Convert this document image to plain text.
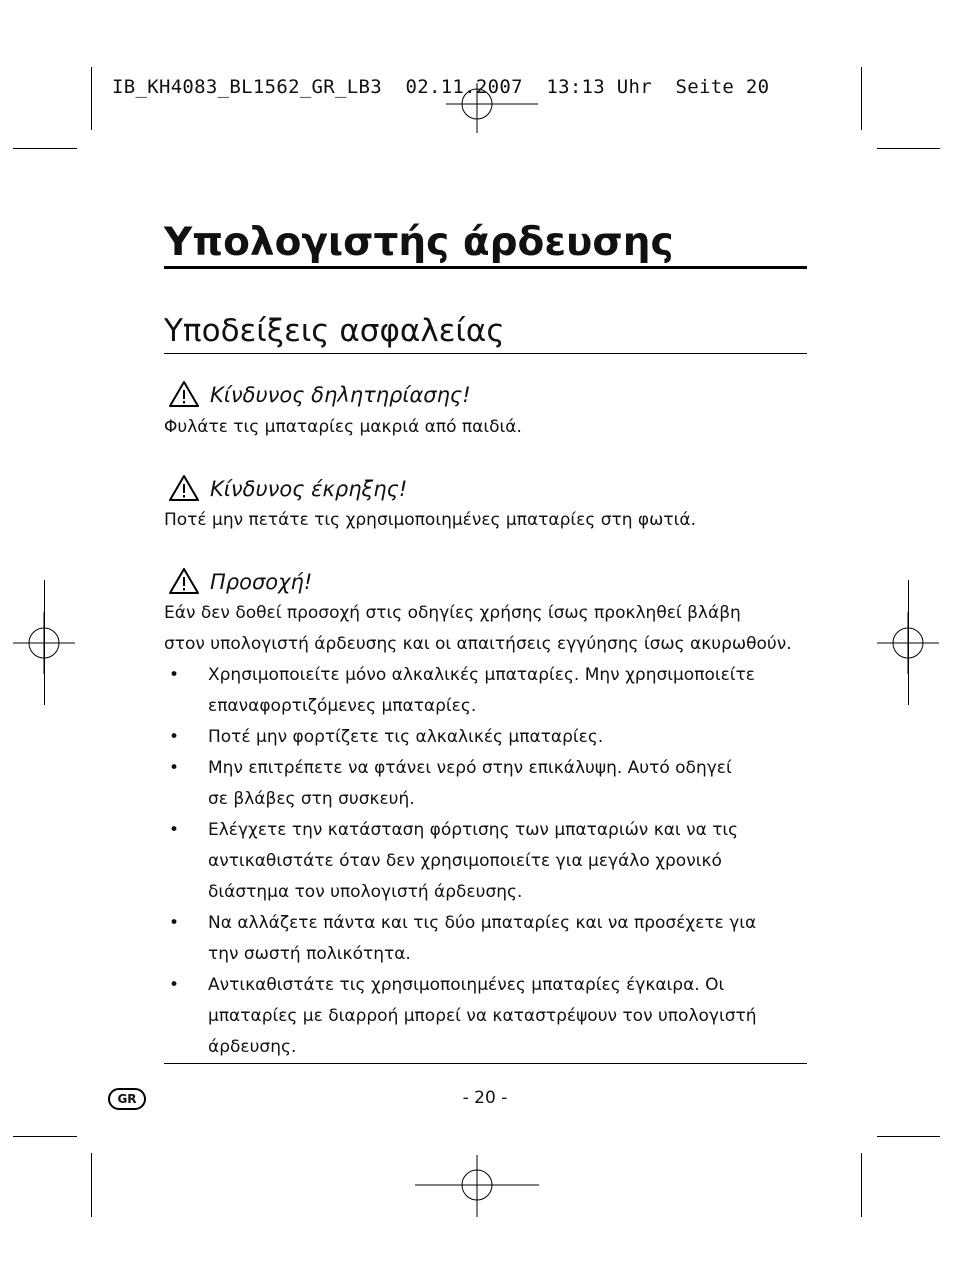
IB_KH4083_BL1562_GR_LB3  02.11.2007  13:13 Uhr  Seite 20
Υπολογιστής άρδευσης
Υποδείξεις ασφαλείας
Κίνδυνος δηλητηρίασης!
Φυλάτε τις μπαταρίες μακριά από παιδιά.
Κίνδυνος έκρηξης!
Ποτέ μην πετάτε τις χρησιμοποιημένες μπαταρίες στη φωτιά.
Προσοχή!
Εάν δεν δοθεί προσοχή στις οδηγίες χρήσης ίσως προκληθεί βλάβη
στον υπολογιστή άρδευσης και οι απαιτήσεις εγγύησης ίσως ακυρωθούν.
• Χρησιμοποιείτε μόνο αλκαλικές μπαταρίες. Μην χρησιμοποιείτε
επαναφορτιζόμενες μπαταρίες.
• Ποτέ μην φορτίζετε τις αλκαλικές μπαταρίες.
• Μην επιτρέπετε να φτάνει νερό στην επικάλυψη. Αυτό οδηγεί
σε βλάβες στη συσκευή.
• Ελέγχετε την κατάσταση φόρτισης των μπαταριών και να τις
αντικαθιστάτε όταν δεν χρησιμοποιείτε για μεγάλο χρονικό
διάστημα τον υπολογιστή άρδευσης.
• Να αλλάζετε πάντα και τις δύο μπαταρίες και να προσέχετε για
την σωστή πολικότητα.
• Αντικαθιστάτε τις χρησιμοποιημένες μπαταρίες έγκαιρα. Οι
μπαταρίες με διαρροή μπορεί να καταστρέψουν τον υπολογιστή
άρδευσης.
GR	- 20 -
